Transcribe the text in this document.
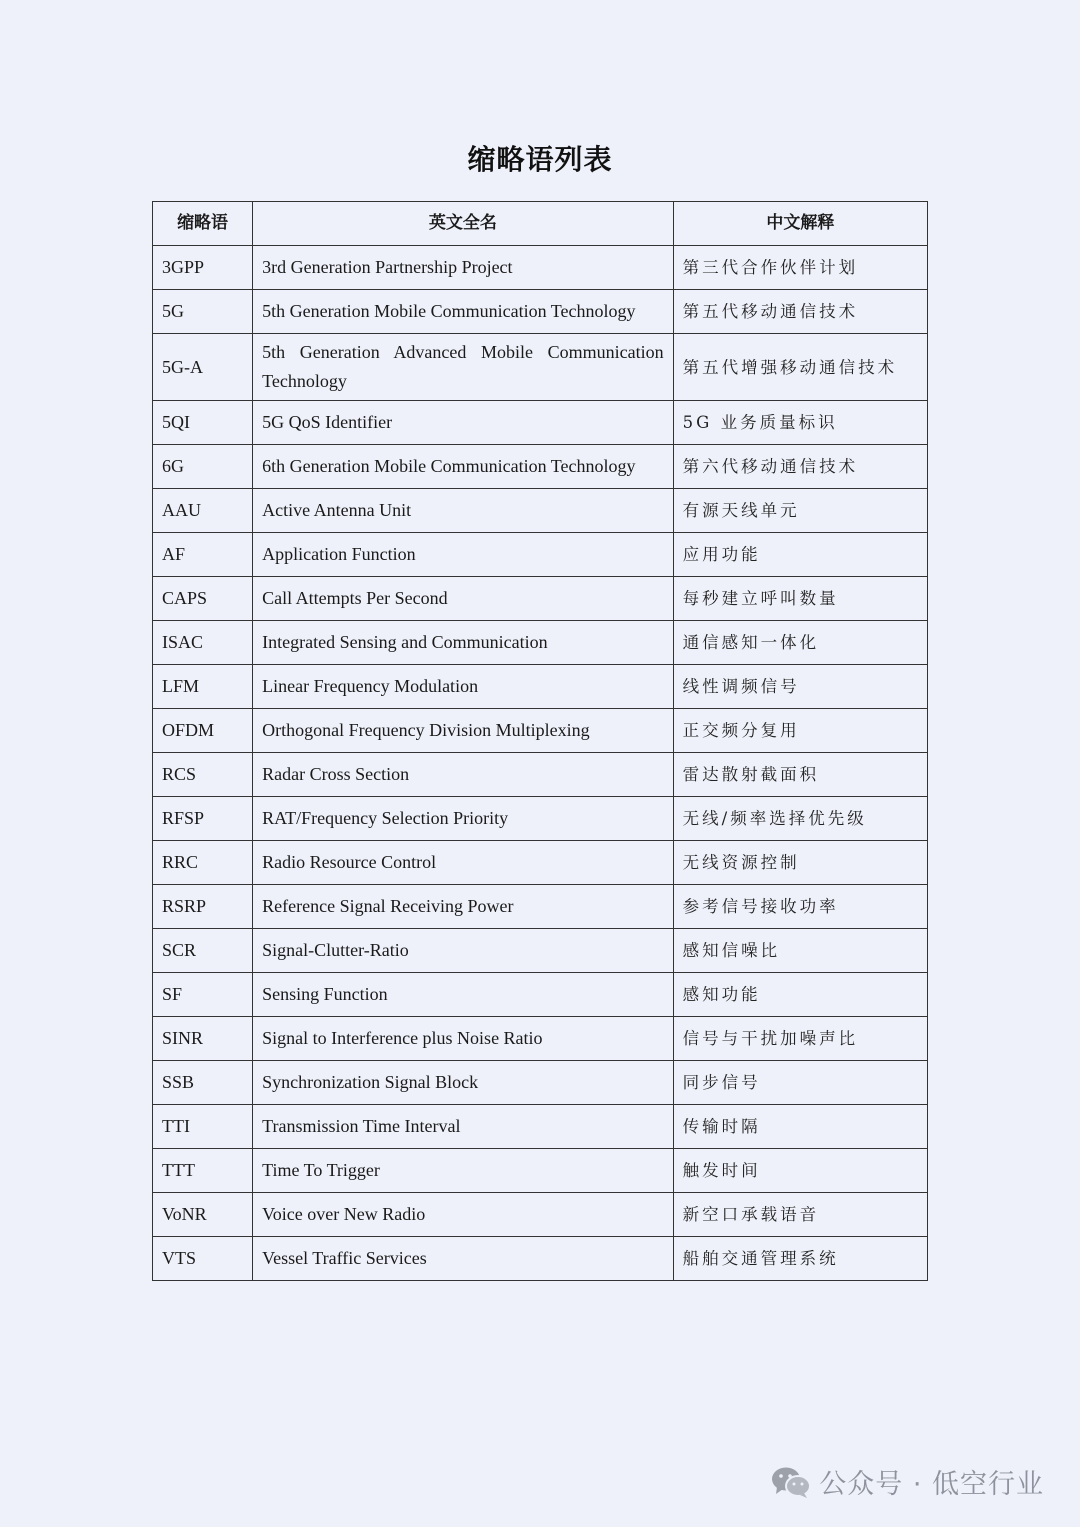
缩略语列表
缩略语	英文全名	中文解释
3GPP	3rd Generation Partnership Project	第三代合作伙伴计划
5G	5th Generation Mobile Communication Technology	第五代移动通信技术
5G-A	5th Generation Advanced Mobile Communication Technology	第五代增强移动通信技术
5QI	5G QoS Identifier	5G 业务质量标识
6G	6th Generation Mobile Communication Technology	第六代移动通信技术
AAU	Active Antenna Unit	有源天线单元
AF	Application Function	应用功能
CAPS	Call Attempts Per Second	每秒建立呼叫数量
ISAC	Integrated Sensing and Communication	通信感知一体化
LFM	Linear Frequency Modulation	线性调频信号
OFDM	Orthogonal Frequency Division Multiplexing	正交频分复用
RCS	Radar Cross Section	雷达散射截面积
RFSP	RAT/Frequency Selection Priority	无线/频率选择优先级
RRC	Radio Resource Control	无线资源控制
RSRP	Reference Signal Receiving Power	参考信号接收功率
SCR	Signal-Clutter-Ratio	感知信噪比
SF	Sensing Function	感知功能
SINR	Signal to Interference plus Noise Ratio	信号与干扰加噪声比
SSB	Synchronization Signal Block	同步信号
TTI	Transmission Time Interval	传输时隔
TTT	Time To Trigger	触发时间
VoNR	Voice over New Radio	新空口承载语音
VTS	Vessel Traffic Services	船舶交通管理系统
公众号 · 低空行业
